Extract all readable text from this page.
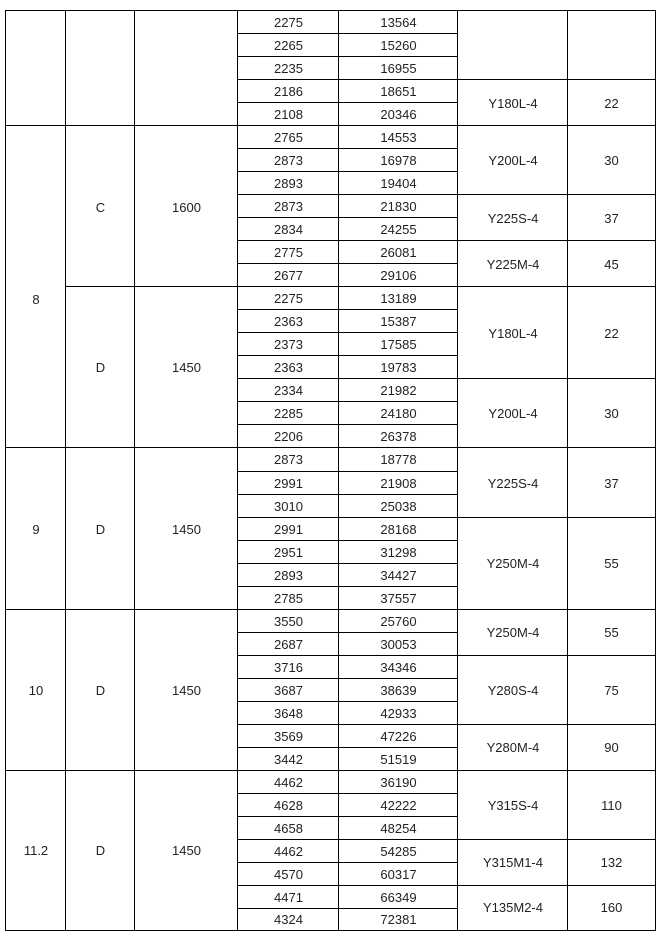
8
9
10
11.2
C
D
D
D
D
1600
1450
1450
1450
1450
Y180L-4
Y200L-4
Y225S-4
Y225M-4
Y180L-4
Y200L-4
Y225S-4
Y250M-4
Y250M-4
Y280S-4
Y280M-4
Y315S-4
Y315M1-4
Y135M2-4
22
30
37
45
22
30
37
55
55
75
90
110
132
160
2275
2265
2235
2186
2108
2765
2873
2893
2873
2834
2775
2677
2275
2363
2373
2363
2334
2285
2206
2873
2991
3010
2991
2951
2893
2785
3550
2687
3716
3687
3648
3569
3442
4462
4628
4658
4462
4570
4471
4324
13564
15260
16955
18651
20346
14553
16978
19404
21830
24255
26081
29106
13189
15387
17585
19783
21982
24180
26378
18778
21908
25038
28168
31298
34427
37557
25760
30053
34346
38639
42933
47226
51519
36190
42222
48254
54285
60317
66349
72381
